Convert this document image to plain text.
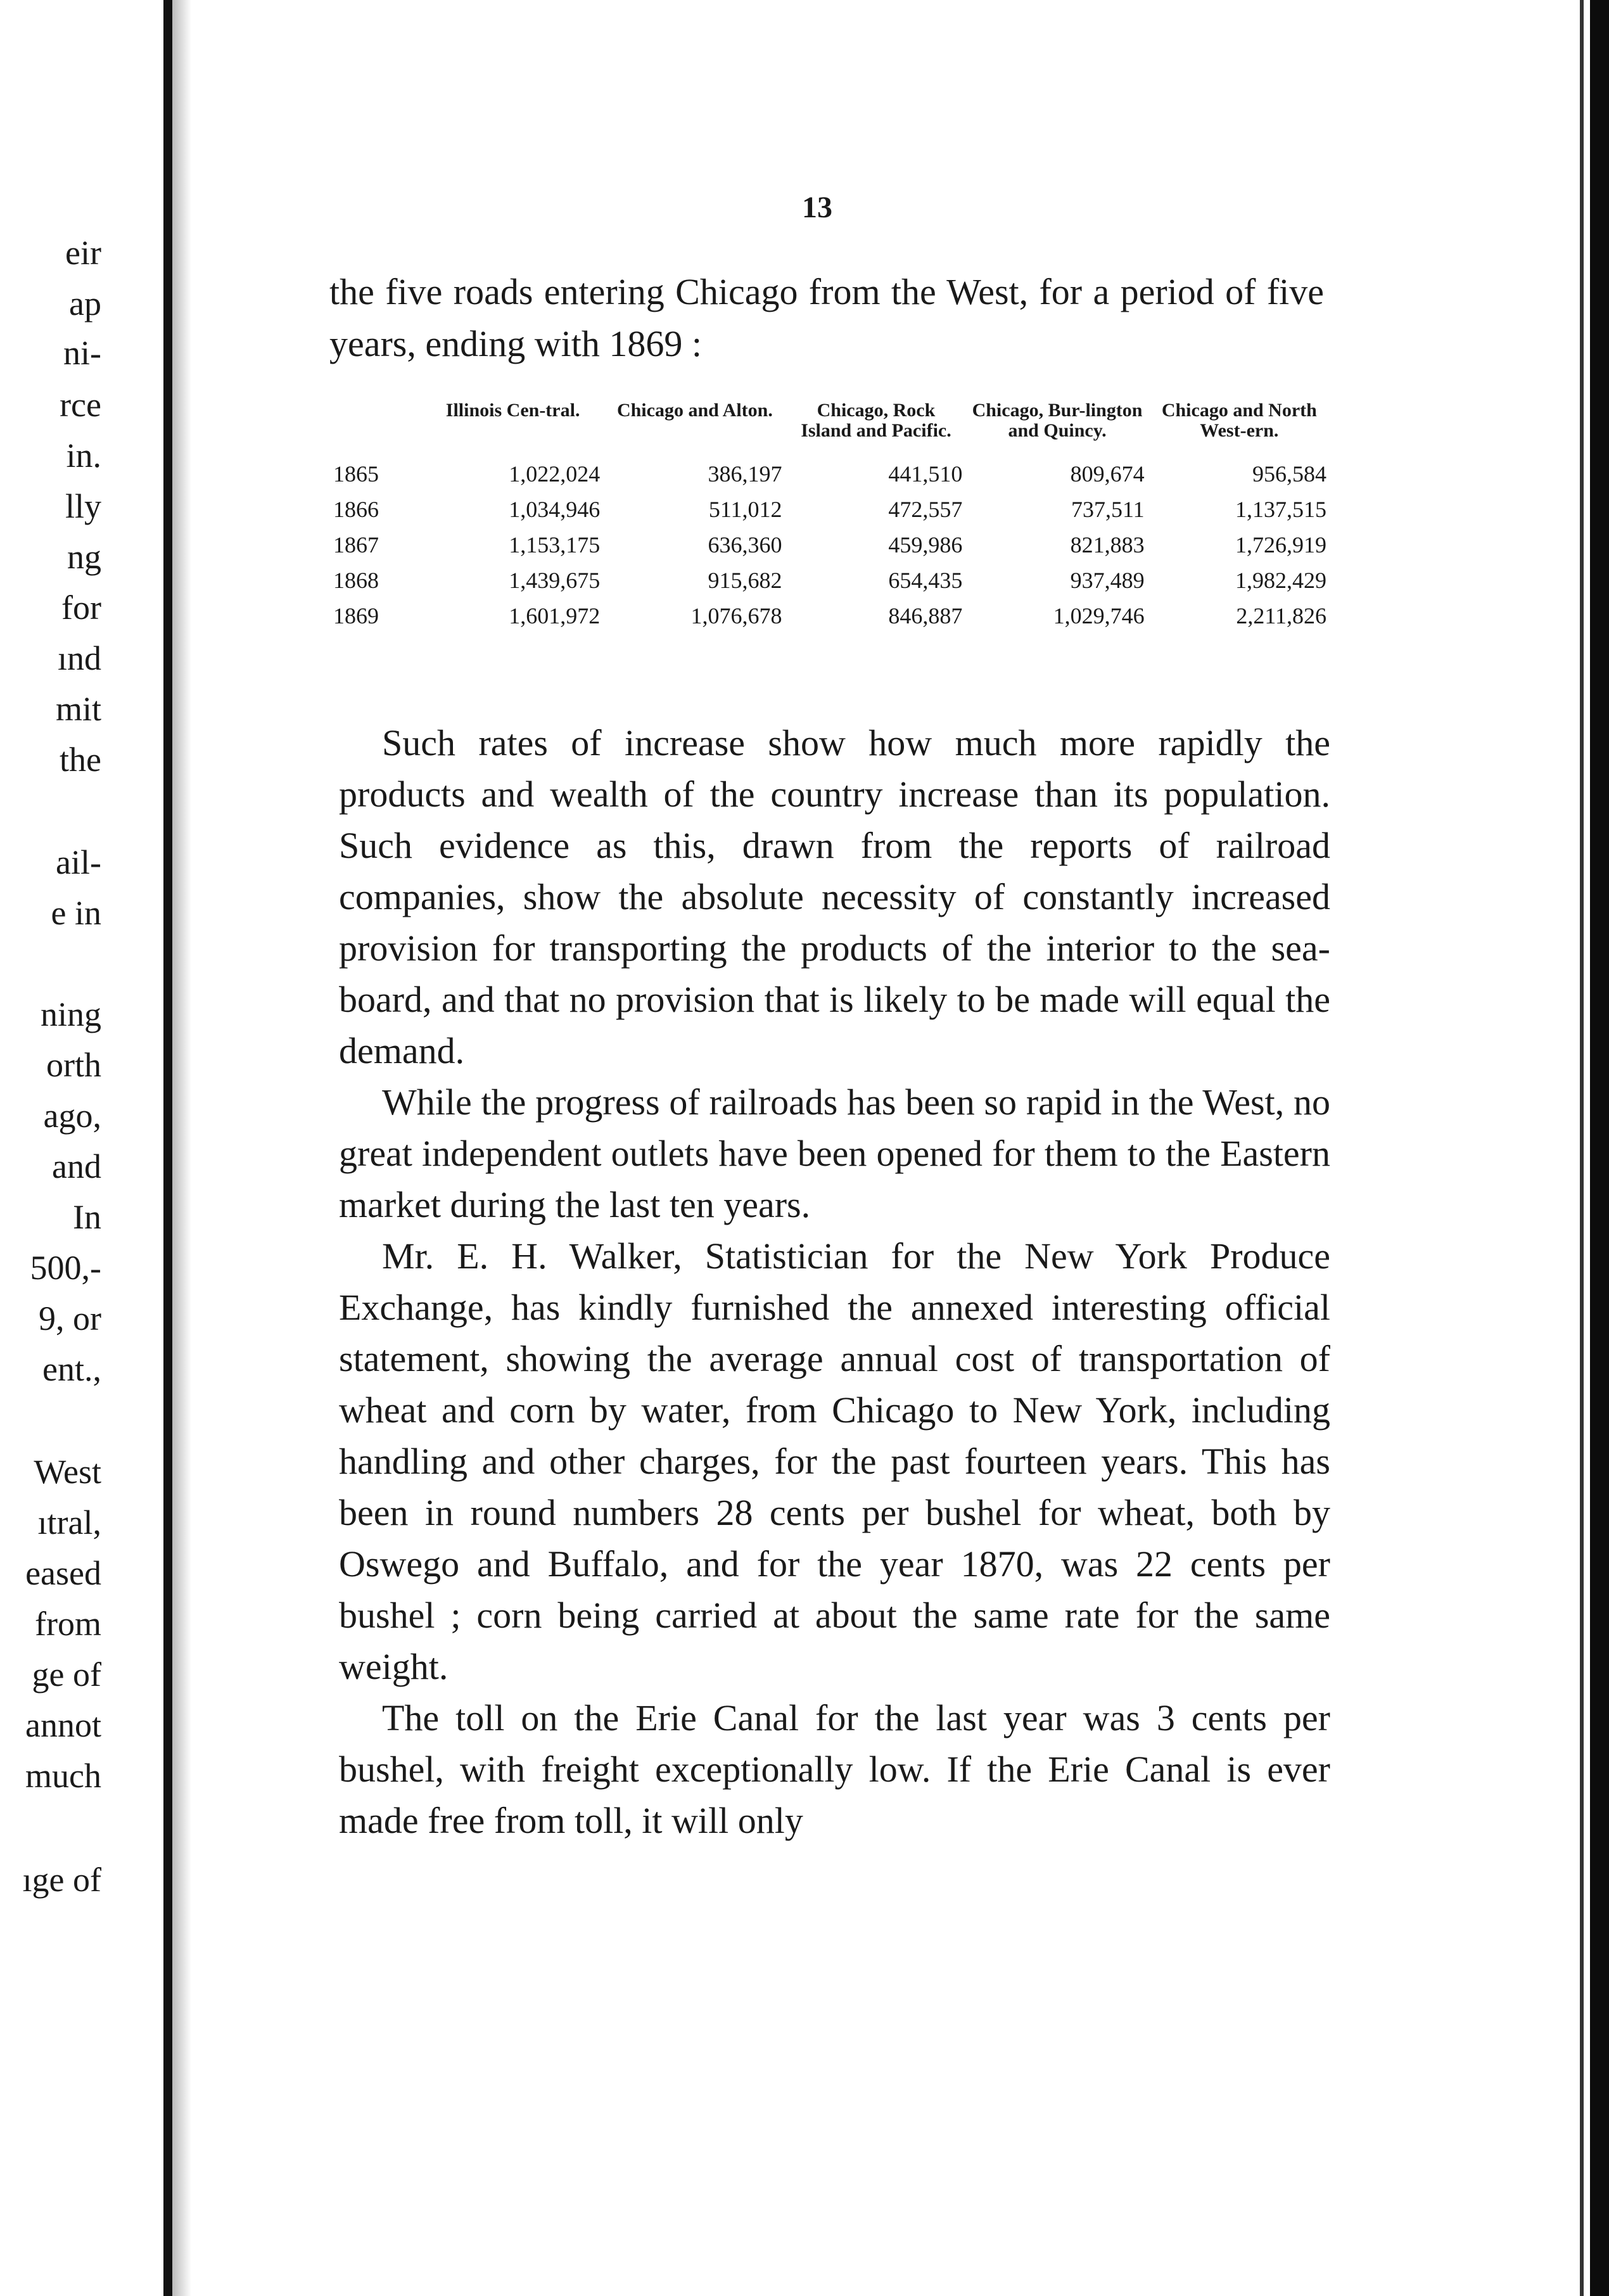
eir
ap
ni-
rce
in.
lly
ng
for
ınd
mit
the
ail-
e in
ning
orth
ago,
and
In
500,-
9, or
ent.,
West
ıtral,
eased
from
ge of
annot
much
ıge of
13
the five roads entering Chicago from the West, for a period of five years, ending with 1869 :
	Illinois Cen-tral.	Chicago and Alton.	Chicago, Rock Island and Pacific.	Chicago, Bur-lington and Quincy.	Chicago and North West-ern.
1865	1,022,024	386,197	441,510	809,674	956,584
1866	1,034,946	511,012	472,557	737,511	1,137,515
1867	1,153,175	636,360	459,986	821,883	1,726,919
1868	1,439,675	915,682	654,435	937,489	1,982,429
1869	1,601,972	1,076,678	846,887	1,029,746	2,211,826

Such rates of increase show how much more rapidly the products and wealth of the country increase than its population. Such evidence as this, drawn from the reports of railroad companies, show the absolute necessity of constantly increased provision for transporting the products of the interior to the sea-board, and that no provision that is likely to be made will equal the demand.

While the progress of railroads has been so rapid in the West, no great independent outlets have been opened for them to the Eastern market during the last ten years.

Mr. E. H. Walker, Statistician for the New York Produce Exchange, has kindly furnished the annexed interesting official statement, showing the average annual cost of transportation of wheat and corn by water, from Chicago to New York, including handling and other charges, for the past fourteen years. This has been in round numbers 28 cents per bushel for wheat, both by Oswego and Buffalo, and for the year 1870, was 22 cents per bushel ; corn being carried at about the same rate for the same weight.

The toll on the Erie Canal for the last year was 3 cents per bushel, with freight exceptionally low. If the Erie Canal is ever made free from toll, it will only
